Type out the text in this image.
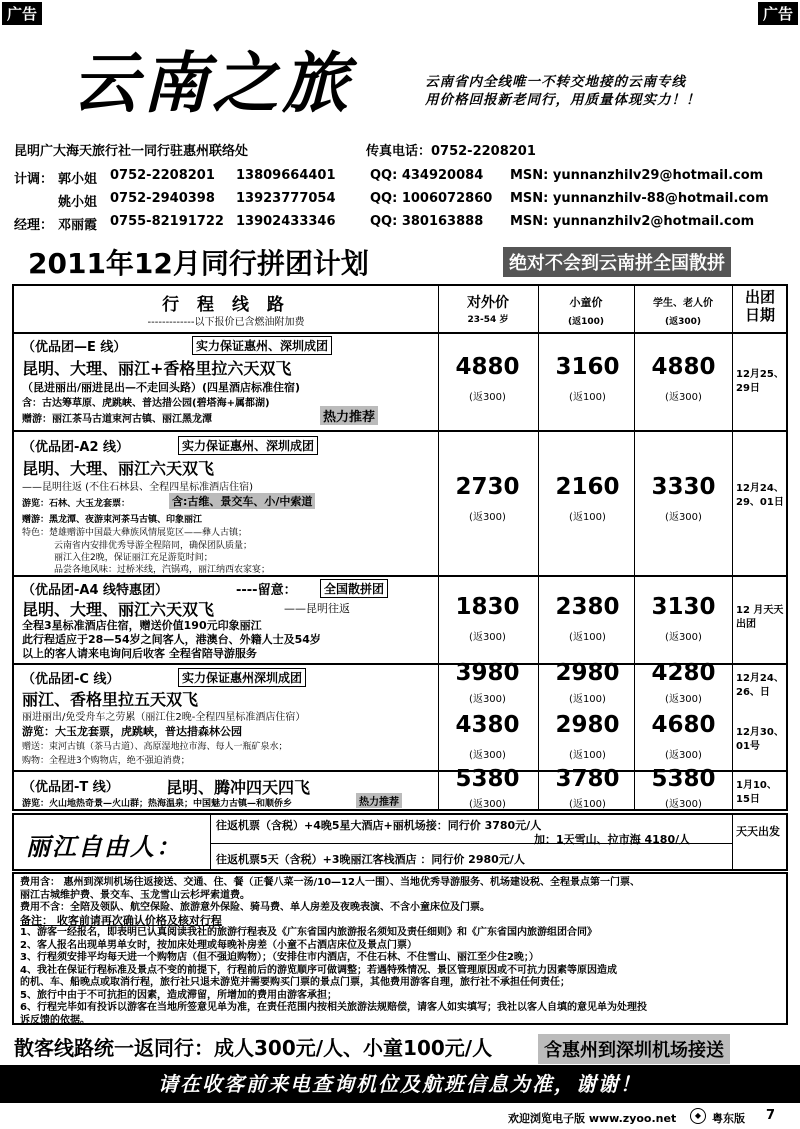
广告	广告
云南之旅	云南省内全线唯一不转交地接的云南专线
用价格回报新老同行，用质量体现实力！！
昆明广大海天旅行社一同行驻惠州联络处	传真电话：0752-2208201
计调： 郭小姐 0752-2208201 13809664401	QQ: 434920084 MSN: yunnanzhilv29@hotmail.com
姚小姐 0752-2940398 13923777054	QQ: 1006072860 MSN: yunnanzhilv-88@hotmail.com
经理： 邓丽霞 0755-82191722 13902433346	QQ: 380163888 MSN: yunnanzhilv2@hotmail.com
2011年12月同行拼团计划	绝对不会到云南拼全国散拼
行 程 线 路
-------------以下报价已含燃油附加费
对外价
23-54 岁
小童价
(返100)
学生、老人价
(返300)
出团日期
（优品团—E 线）	实力保证惠州、深圳成团
昆明、大理、丽江+香格里拉六天双飞
（昆进丽出/丽进昆出—不走回头路）(四星酒店标准住宿)
含：古达筹草原、虎跳峡、普达措公园(碧塔海+属都湖)
赠游：丽江茶马古道束河古镇、丽江黑龙潭	热力推荐
4880	3160	4880
(返300)	(返100)	(返300)
12月25、29日
（优品团-A2 线）	实力保证惠州、深圳成团
昆明、大理、丽江六天双飞
——昆明往返 (不住石林县、全程四星标准酒店住宿)
游览：石林、大玉龙套票：	含:古维、景交车、小/中索道
赠游：黑龙潭、夜游束河茶马古镇、印象丽江
特色：楚雄赠游中国最大彝族风情展览区——彝人古镇；
云南省内安排优秀导游全程陪同，确保团队质量；
丽江入住2晚，保证丽江充足游览时间；
品尝各地风味：过桥米线，汽锅鸡，丽江纳西农家宴；
2730	2160	3330
(返300)	(返100)	(返300)
12月24、29、01日
（优品团-A4 线特惠团）	----留意：	全国散拼团
昆明、大理、丽江六天双飞	——昆明往返
全程3星标准酒店住宿，赠送价值190元印象丽江
此行程适应于28—54岁之间客人，港澳台、外籍人士及54岁
以上的客人请来电询问后收客 全程省陪导游服务
1830	2380	3130
(返300)	(返100)	(返300)
12 月天天出团
（优品团-C 线）	实力保证惠州深圳成团
丽江、香格里拉五天双飞
丽进丽出/免受舟车之劳累（丽江住2晚-全程四星标准酒店住宿）
游览：大玉龙套票，虎跳峡，普达措森林公园
赠送：束河古镇（茶马古道）、高原湿地拉市海、每人一瓶矿泉水；
购物：全程进3个购物店，绝不强迫消费；
3980	2980	4280
(返300)	(返100)	(返300)
12月24、26、日
4380	2980	4680
(返300)	(返100)	(返300)
12月30、01号
（优品团-T 线）	昆明、腾冲四天四飞
游览：火山地热奇景—火山群；热海温泉；中国魅力古镇—和顺侨乡	热力推荐
5380	3780	5380
(返300)	(返100)	(返300)
1月10、15日
丽江自由人：
往返机票（含税）+4晚5星大酒店+丽机场接：同行价 3780元/人
加：1天雪山、拉市海 4180/人
往返机票5天（含税）+3晚丽江客栈酒店 ：同行价 2980元/人
天天出发
费用含： 惠州到深圳机场往返接送、交通、住、餐（正餐八菜一汤/10—12人一围）、当地优秀导游服务、机场建设税、全程景点第一门票、
丽江古城维护费、景交车、玉龙雪山云杉坪索道费。
费用不含：全陪及领队、航空保险、旅游意外保险、骑马费、单人房差及夜晚表演、不含小童床位及门票。
备注： 收客前请再次确认价格及核对行程
1、游客一经报名，即表明已认真阅读我社的旅游行程表及《广东省国内旅游报名须知及责任细则》和《广东省国内旅游组团合同》
2、客人报名出现单男单女时，按加床处理或每晚补房差（小童不占酒店床位及景点门票）
3、行程须安排平均每天进一个购物店（但不强迫购物）；（安排住市内酒店，不住石林、不住雪山、丽江至少住2晚；）
4、我社在保证行程标准及景点不变的前提下，行程前后的游览顺序可做调整；若遇特殊情况、景区管理原因或不可抗力因素等原因造成
的机、车、船晚点或取消行程，旅行社只退未游览并需要购买门票的景点门票，其他费用游客自理，旅行社不承担任何责任；
5、旅行中由于不可抗拒的因素，造成滞留，所增加的费用由游客承担；
6、行程完毕如有投诉以游客在当地所签意见单为准，在责任范围内按相关旅游法规赔偿，请客人如实填写；我社以客人自填的意见单为处理投
诉反馈的依据。
散客线路统一返同行：成人300元/人、小童100元/人	含惠州到深圳机场接送
请在收客前来电查询机位及航班信息为准，谢谢！
欢迎浏览电子版 www.zyoo.net	◆ 粤东版 7
